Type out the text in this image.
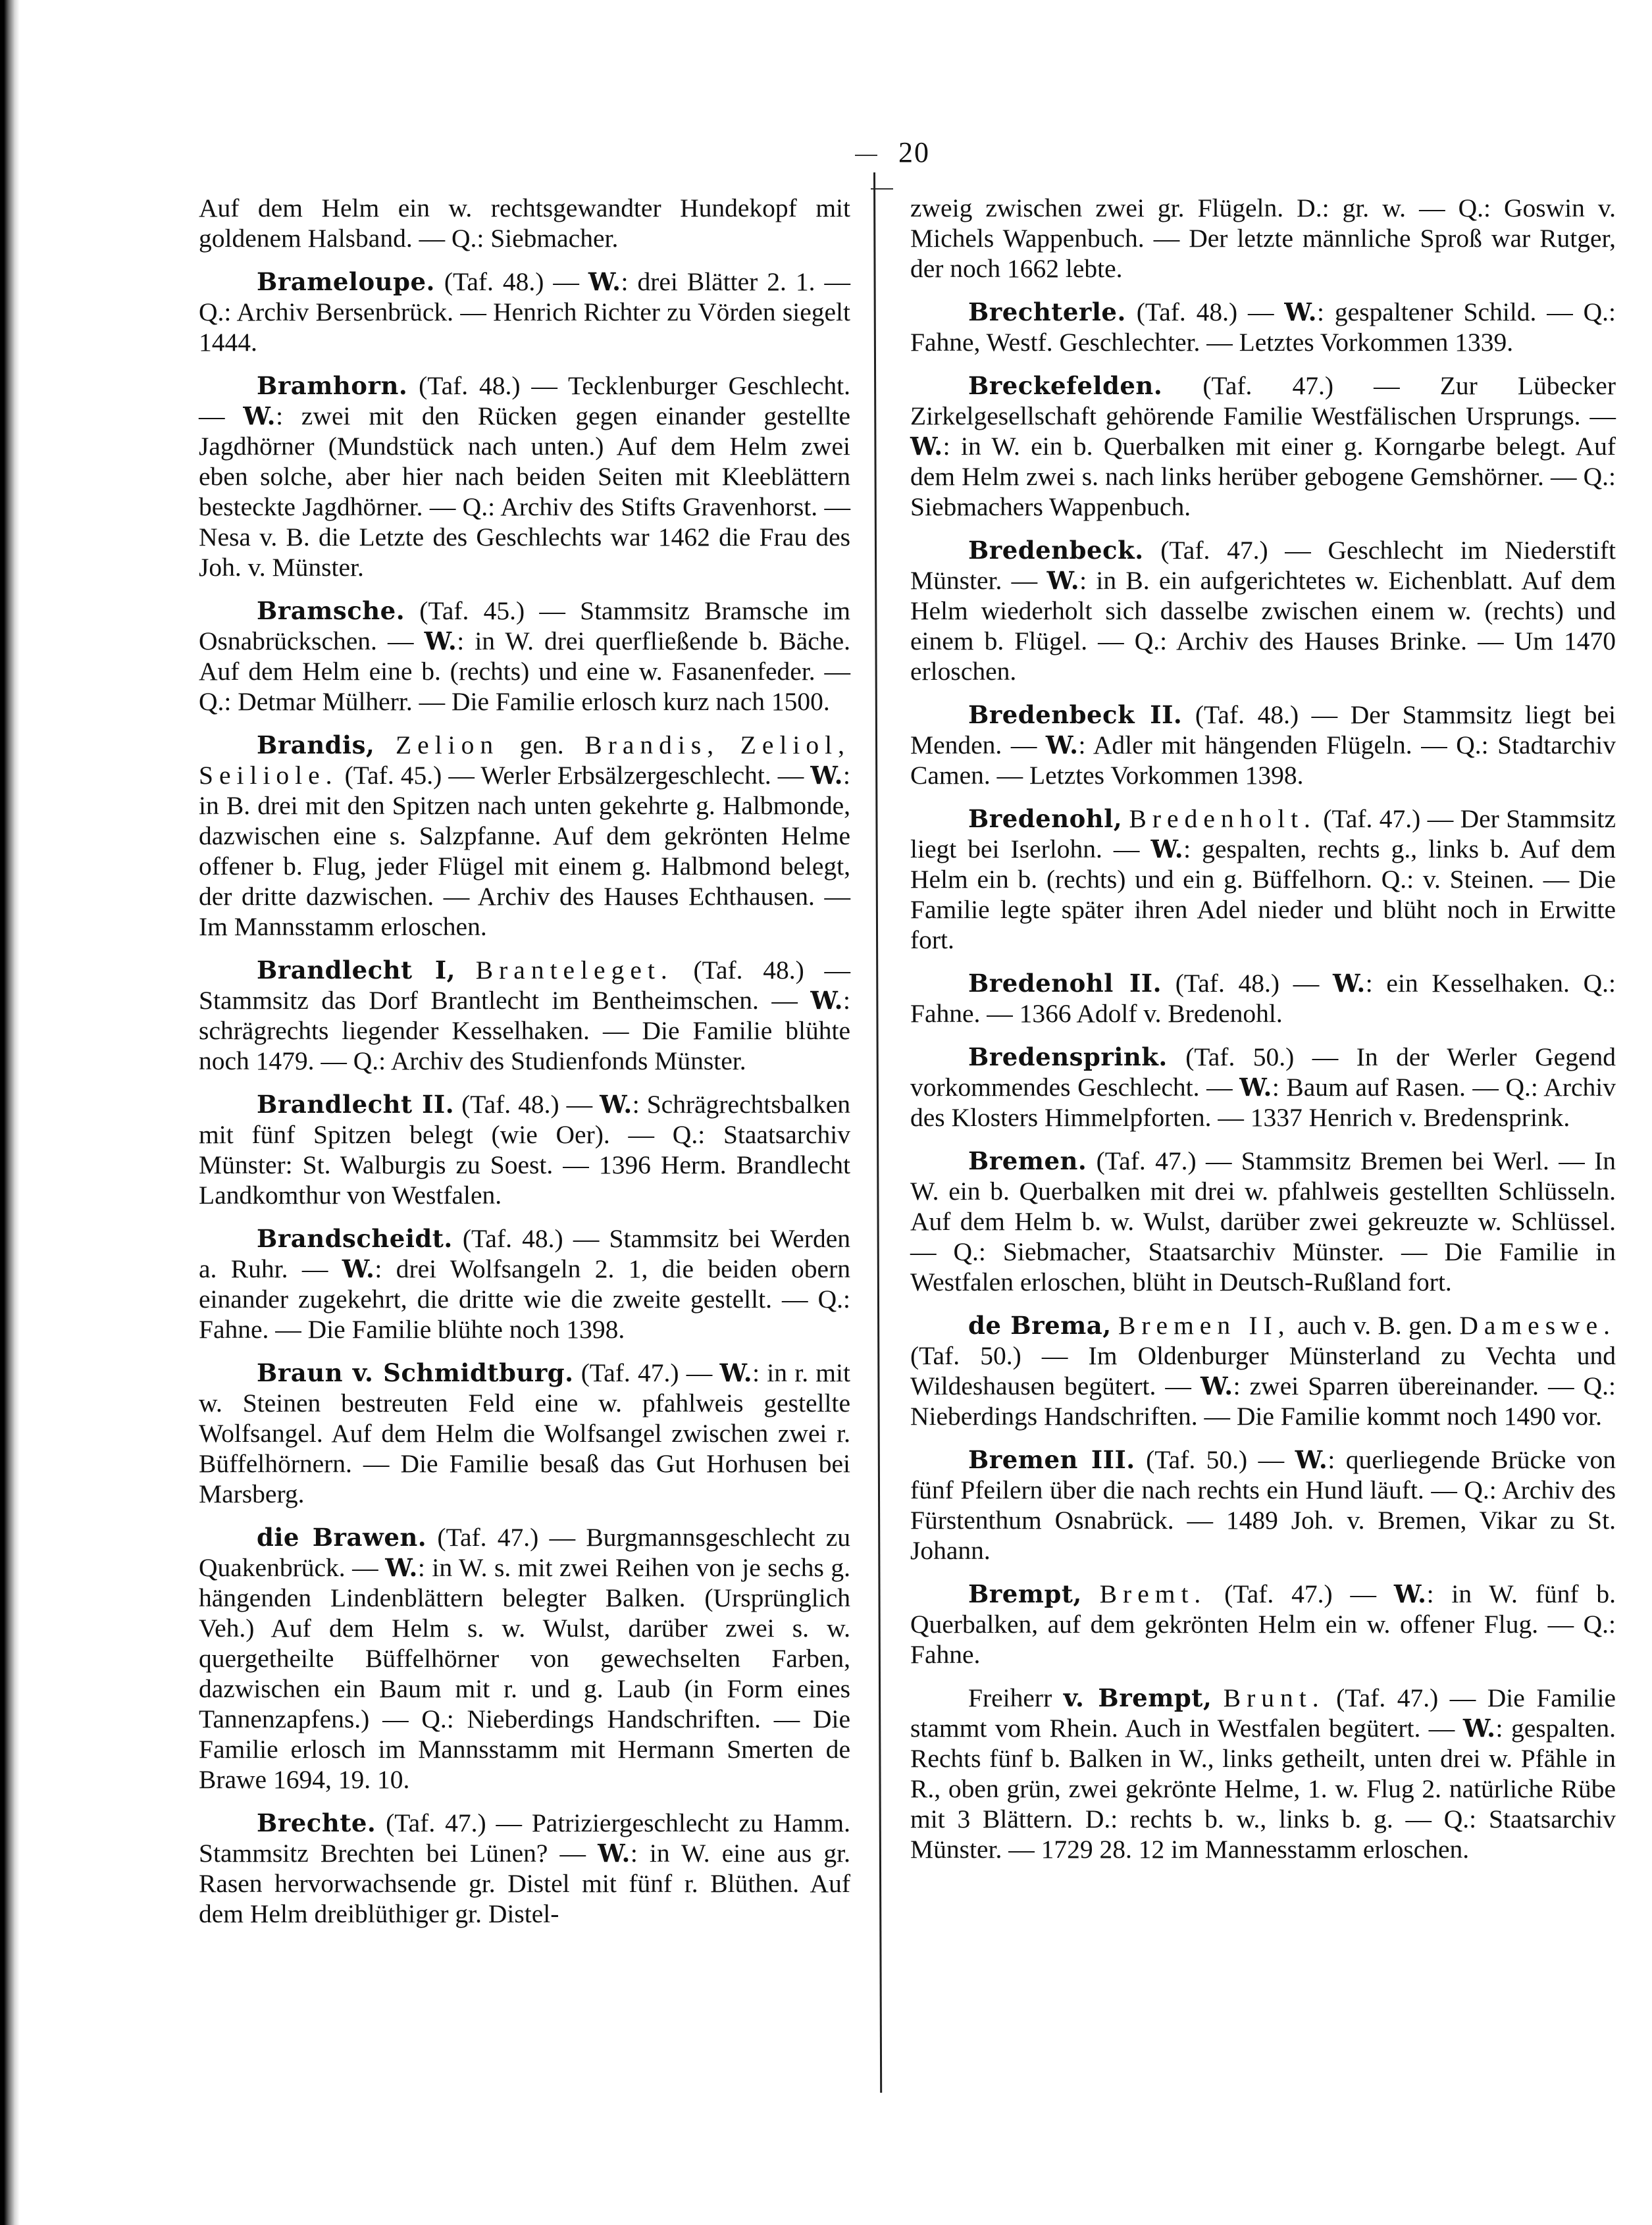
20

Auf dem Helm ein w. rechtsgewandter Hundekopf mit goldenem Halsband. — Q.: Siebmacher.

Brameloupe. (Taf. 48.) — W.: drei Blätter 2. 1. — Q.: Archiv Bersenbrück. — Henrich Richter zu Vörden siegelt 1444.

Bramhorn. (Taf. 48.) — Tecklenburger Geschlecht. — W.: zwei mit den Rücken gegen einander gestellte Jagdhörner (Mundstück nach unten.) Auf dem Helm zwei eben solche, aber hier nach beiden Seiten mit Kleeblättern besteckte Jagdhörner. — Q.: Archiv des Stifts Gravenhorst. — Nesa v. B. die Letzte des Geschlechts war 1462 die Frau des Joh. v. Münster.

Bramsche. (Taf. 45.) — Stammsitz Bramsche im Osnabrückschen. — W.: in W. drei querfließende b. Bäche. Auf dem Helm eine b. (rechts) und eine w. Fasanenfeder. — Q.: Detmar Mülherr. — Die Familie erlosch kurz nach 1500.

Brandis, Zelion gen. Brandis, Zeliol, Seiliole. (Taf. 45.) — Werler Erbsälzergeschlecht. — W.: in B. drei mit den Spitzen nach unten gekehrte g. Halbmonde, dazwischen eine s. Salzpfanne. Auf dem gekrönten Helme offener b. Flug, jeder Flügel mit einem g. Halbmond belegt, der dritte dazwischen. — Archiv des Hauses Echthausen. — Im Mannsstamm erloschen.

Brandlecht I, Branteleget. (Taf. 48.) — Stammsitz das Dorf Brantlecht im Bentheimschen. — W.: schrägrechts liegender Kesselhaken. — Die Familie blühte noch 1479. — Q.: Archiv des Studienfonds Münster.

Brandlecht II. (Taf. 48.) — W.: Schrägrechtsbalken mit fünf Spitzen belegt (wie Oer). — Q.: Staatsarchiv Münster: St. Walburgis zu Soest. — 1396 Herm. Brandlecht Landkomthur von Westfalen.

Brandscheidt. (Taf. 48.) — Stammsitz bei Werden a. Ruhr. — W.: drei Wolfsangeln 2. 1, die beiden obern einander zugekehrt, die dritte wie die zweite gestellt. — Q.: Fahne. — Die Familie blühte noch 1398.

Braun v. Schmidtburg. (Taf. 47.) — W.: in r. mit w. Steinen bestreuten Feld eine w. pfahlweis gestellte Wolfsangel. Auf dem Helm die Wolfsangel zwischen zwei r. Büffelhörnern. — Die Familie besaß das Gut Horhusen bei Marsberg.

die Brawen. (Taf. 47.) — Burgmannsgeschlecht zu Quakenbrück. — W.: in W. s. mit zwei Reihen von je sechs g. hängenden Lindenblättern belegter Balken. (Ursprünglich Veh.) Auf dem Helm s. w. Wulst, darüber zwei s. w. quergetheilte Büffelhörner von gewechselten Farben, dazwischen ein Baum mit r. und g. Laub (in Form eines Tannenzapfens.) — Q.: Nieberdings Handschriften. — Die Familie erlosch im Mannsstamm mit Hermann Smerten de Brawe 1694, 19. 10.

Brechte. (Taf. 47.) — Patriziergeschlecht zu Hamm. Stammsitz Brechten bei Lünen? — W.: in W. eine aus gr. Rasen hervorwachsende gr. Distel mit fünf r. Blüthen. Auf dem Helm dreiblüthiger gr. Distel-

zweig zwischen zwei gr. Flügeln. D.: gr. w. — Q.: Goswin v. Michels Wappenbuch. — Der letzte männliche Sproß war Rutger, der noch 1662 lebte.

Brechterle. (Taf. 48.) — W.: gespaltener Schild. — Q.: Fahne, Westf. Geschlechter. — Letztes Vorkommen 1339.

Breckefelden. (Taf. 47.) — Zur Lübecker Zirkelgesellschaft gehörende Familie Westfälischen Ursprungs. — W.: in W. ein b. Querbalken mit einer g. Korngarbe belegt. Auf dem Helm zwei s. nach links herüber gebogene Gemshörner. — Q.: Siebmachers Wappenbuch.

Bredenbeck. (Taf. 47.) — Geschlecht im Niederstift Münster. — W.: in B. ein aufgerichtetes w. Eichenblatt. Auf dem Helm wiederholt sich dasselbe zwischen einem w. (rechts) und einem b. Flügel. — Q.: Archiv des Hauses Brinke. — Um 1470 erloschen.

Bredenbeck II. (Taf. 48.) — Der Stammsitz liegt bei Menden. — W.: Adler mit hängenden Flügeln. — Q.: Stadtarchiv Camen. — Letztes Vorkommen 1398.

Bredenohl, Bredenholt. (Taf. 47.) — Der Stammsitz liegt bei Iserlohn. — W.: gespalten, rechts g., links b. Auf dem Helm ein b. (rechts) und ein g. Büffelhorn. Q.: v. Steinen. — Die Familie legte später ihren Adel nieder und blüht noch in Erwitte fort.

Bredenohl II. (Taf. 48.) — W.: ein Kesselhaken. Q.: Fahne. — 1366 Adolf v. Bredenohl.

Bredensprink. (Taf. 50.) — In der Werler Gegend vorkommendes Geschlecht. — W.: Baum auf Rasen. — Q.: Archiv des Klosters Himmelpforten. — 1337 Henrich v. Bredensprink.

Bremen. (Taf. 47.) — Stammsitz Bremen bei Werl. — In W. ein b. Querbalken mit drei w. pfahlweis gestellten Schlüsseln. Auf dem Helm b. w. Wulst, darüber zwei gekreuzte w. Schlüssel. — Q.: Siebmacher, Staatsarchiv Münster. — Die Familie in Westfalen erloschen, blüht in Deutsch-Rußland fort.

de Brema, Bremen II, auch v. B. gen. Dameswe. (Taf. 50.) — Im Oldenburger Münsterland zu Vechta und Wildeshausen begütert. — W.: zwei Sparren übereinander. — Q.: Nieberdings Handschriften. — Die Familie kommt noch 1490 vor.

Bremen III. (Taf. 50.) — W.: querliegende Brücke von fünf Pfeilern über die nach rechts ein Hund läuft. — Q.: Archiv des Fürstenthum Osnabrück. — 1489 Joh. v. Bremen, Vikar zu St. Johann.

Brempt, Bremt. (Taf. 47.) — W.: in W. fünf b. Querbalken, auf dem gekrönten Helm ein w. offener Flug. — Q.: Fahne.

Freiherr v. Brempt, Brunt. (Taf. 47.) — Die Familie stammt vom Rhein. Auch in Westfalen begütert. — W.: gespalten. Rechts fünf b. Balken in W., links getheilt, unten drei w. Pfähle in R., oben grün, zwei gekrönte Helme, 1. w. Flug 2. natürliche Rübe mit 3 Blättern. D.: rechts b. w., links b. g. — Q.: Staatsarchiv Münster. — 1729 28. 12 im Mannesstamm erloschen.
